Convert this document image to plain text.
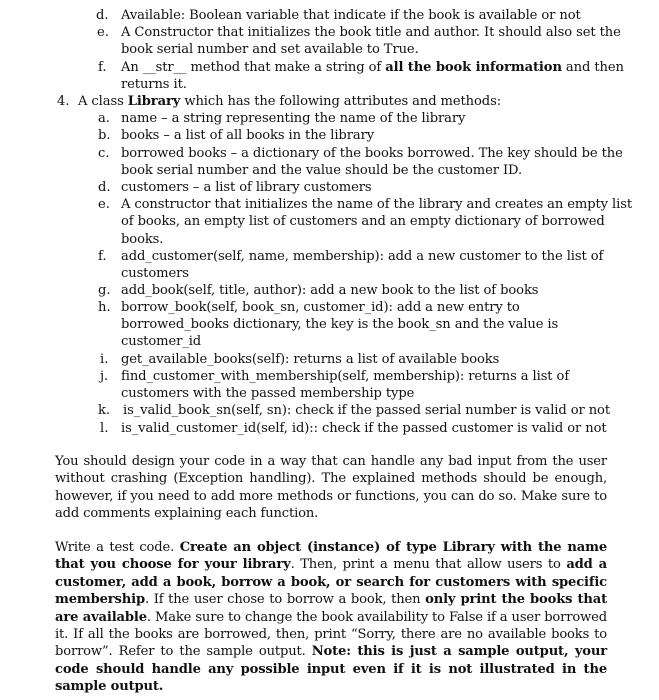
d. Available: Boolean variable that indicate if the book is available or not
e. A Constructor that initializes the book title and author. It should also set the
book serial number and set available to True.
f. An __str__ method that make a string of all the book information and then
returns it.
4. A class Library which has the following attributes and methods:
a. name – a string representing the name of the library
b. books – a list of all books in the library
c. borrowed books – a dictionary of the books borrowed. The key should be the
book serial number and the value should be the customer ID.
d. customers – a list of library customers
e. A constructor that initializes the name of the library and creates an empty list
of books, an empty list of customers and an empty dictionary of borrowed
books.
f. add_customer(self, name, membership): add a new customer to the list of
customers
g. add_book(self, title, author): add a new book to the list of books
h. borrow_book(self, book_sn, customer_id): add a new entry to
borrowed_books dictionary, the key is the book_sn and the value is
customer_id
i. get_available_books(self): returns a list of available books
j. find_customer_with_membership(self, membership): returns a list of
customers with the passed membership type
k. is_valid_book_sn(self, sn): check if the passed serial number is valid or not
l. is_valid_customer_id(self, id):: check if the passed customer is valid or not
You should design your code in a way that can handle any bad input from the user without crashing (Exception handling). The explained methods should be enough, however, if you need to add more methods or functions, you can do so. Make sure to add comments explaining each function.
Write a test code. Create an object (instance) of type Library with the name that you choose for your library. Then, print a menu that allow users to add a customer, add a book, borrow a book, or search for customers with specific membership. If the user chose to borrow a book, then only print the books that are available. Make sure to change the book availability to False if a user borrowed it. If all the books are borrowed, then, print “Sorry, there are no available books to borrow”. Refer to the sample output. Note: this is just a sample output, your code should handle any possible input even if it is not illustrated in the sample output.
